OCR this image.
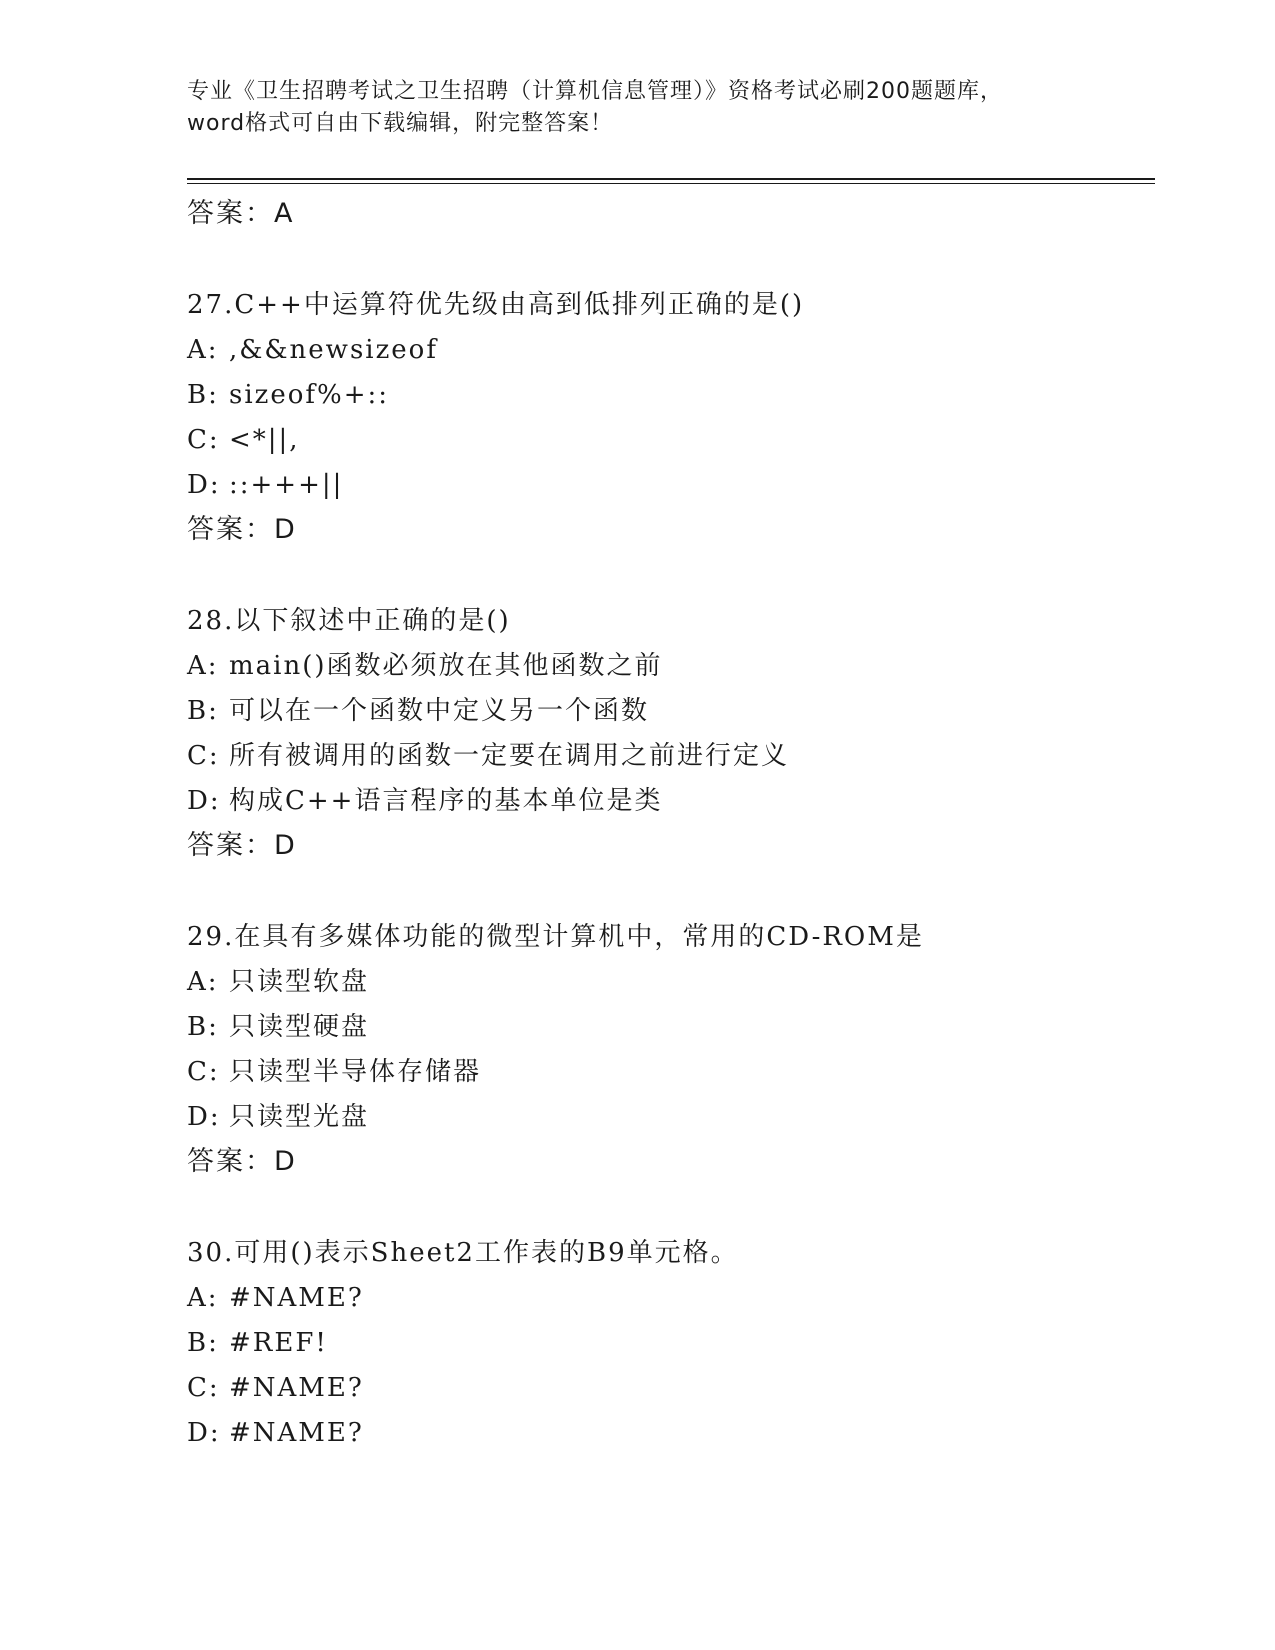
专业《卫生招聘考试之卫生招聘（计算机信息管理）》资格考试必刷200题题库，
word格式可自由下载编辑，附完整答案！
答案：A
27.C++中运算符优先级由高到低排列正确的是()
A: ,&&newsizeof
B: sizeof%+::
C: <*||,
D: ::+++||
答案：D
28.以下叙述中正确的是()
A: main()函数必须放在其他函数之前
B: 可以在一个函数中定义另一个函数
C: 所有被调用的函数一定要在调用之前进行定义
D: 构成C++语言程序的基本单位是类
答案：D
29.在具有多媒体功能的微型计算机中，常用的CD-ROM是
A: 只读型软盘
B: 只读型硬盘
C: 只读型半导体存储器
D: 只读型光盘
答案：D
30.可用()表示Sheet2工作表的B9单元格。
A: #NAME?
B: #REF!
C: #NAME?
D: #NAME?
